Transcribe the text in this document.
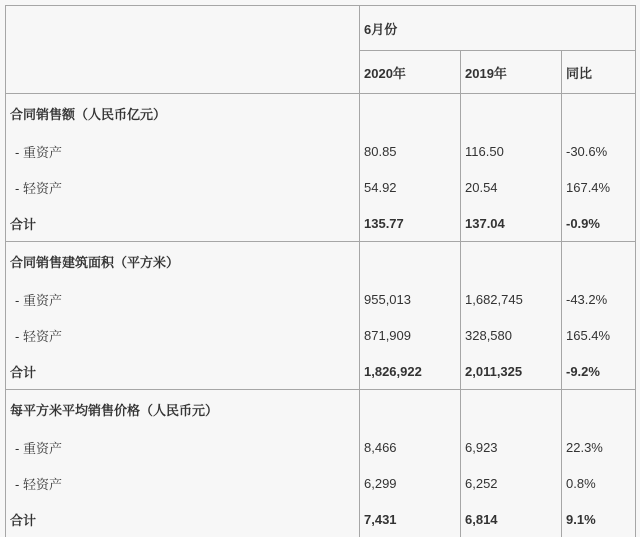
	6月份		
	2020年	2019年	同比
合同销售额（人民币亿元）			
- 重资产	80.85	116.50	-30.6%
- 轻资产	54.92	20.54	167.4%
合计	135.77	137.04	-0.9%
合同销售建筑面积（平方米）			
- 重资产	955,013	1,682,745	-43.2%
- 轻资产	871,909	328,580	165.4%
合计	1,826,922	2,011,325	-9.2%
每平方米平均销售价格（人民币元）			
- 重资产	8,466	6,923	22.3%
- 轻资产	6,299	6,252	0.8%
合计	7,431	6,814	9.1%
